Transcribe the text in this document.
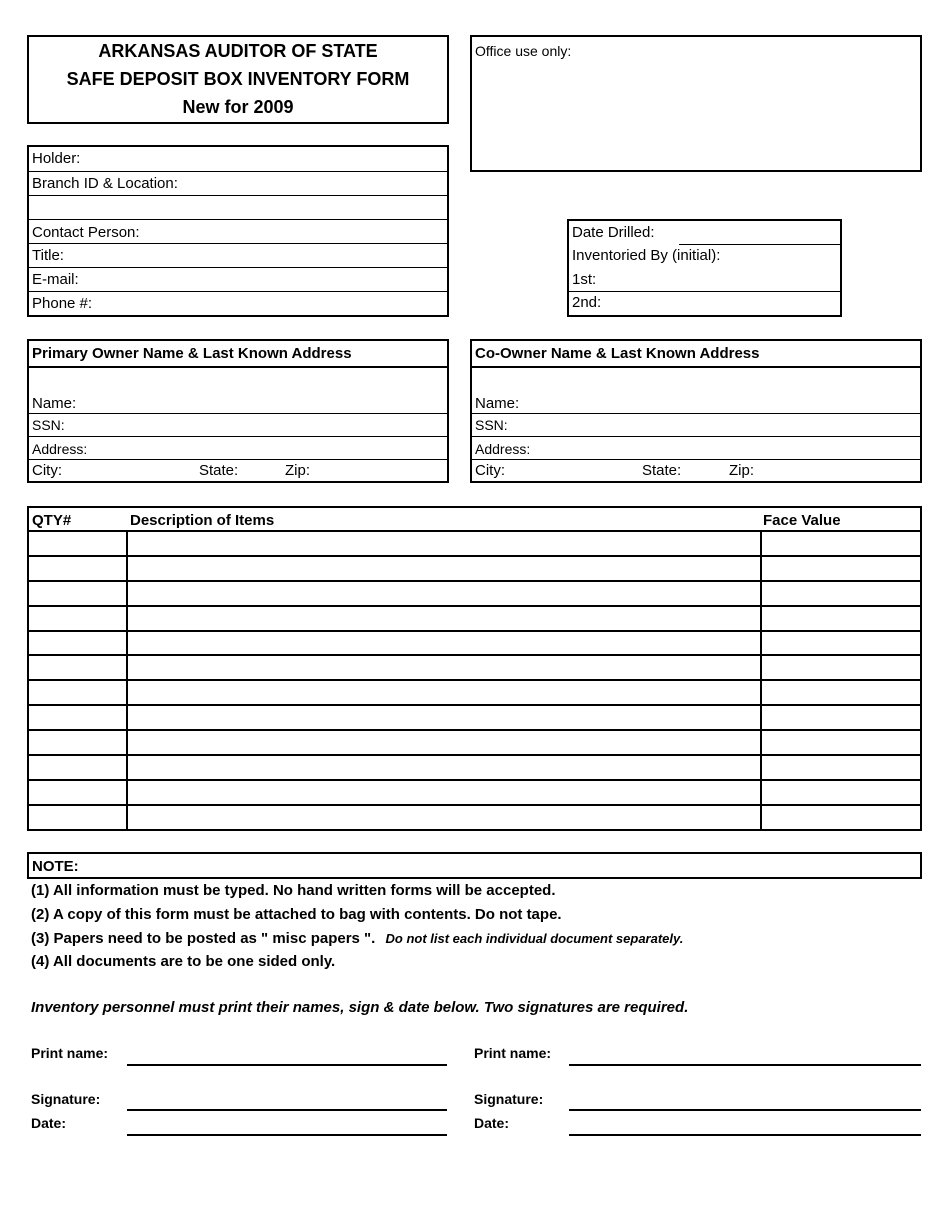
ARKANSAS AUDITOR OF STATE
SAFE DEPOSIT BOX INVENTORY FORM
New for 2009
Office use only:
Holder:
Branch ID & Location:
Contact Person:
Title:
E-mail:
Phone #:
Date Drilled:
Inventoried By (initial):
1st:
2nd:
Primary Owner Name & Last Known Address
Name:
SSN:
Address:
City:	State:	Zip:
Co-Owner Name & Last Known Address
Name:
SSN:
Address:
City:	State:	Zip:
QTY#	Description of Items	Face Value
NOTE:
(1) All information must be typed. No hand written forms will be accepted.
(2) A copy of this form must be attached to bag with contents. Do not tape.
(3) Papers need to be posted as " misc papers ". Do not list each individual document separately.
(4) All documents are to be one sided only.
Inventory personnel must print their names, sign & date below. Two signatures are required.
Print name:
Signature:
Date:
Print name:
Signature:
Date:
